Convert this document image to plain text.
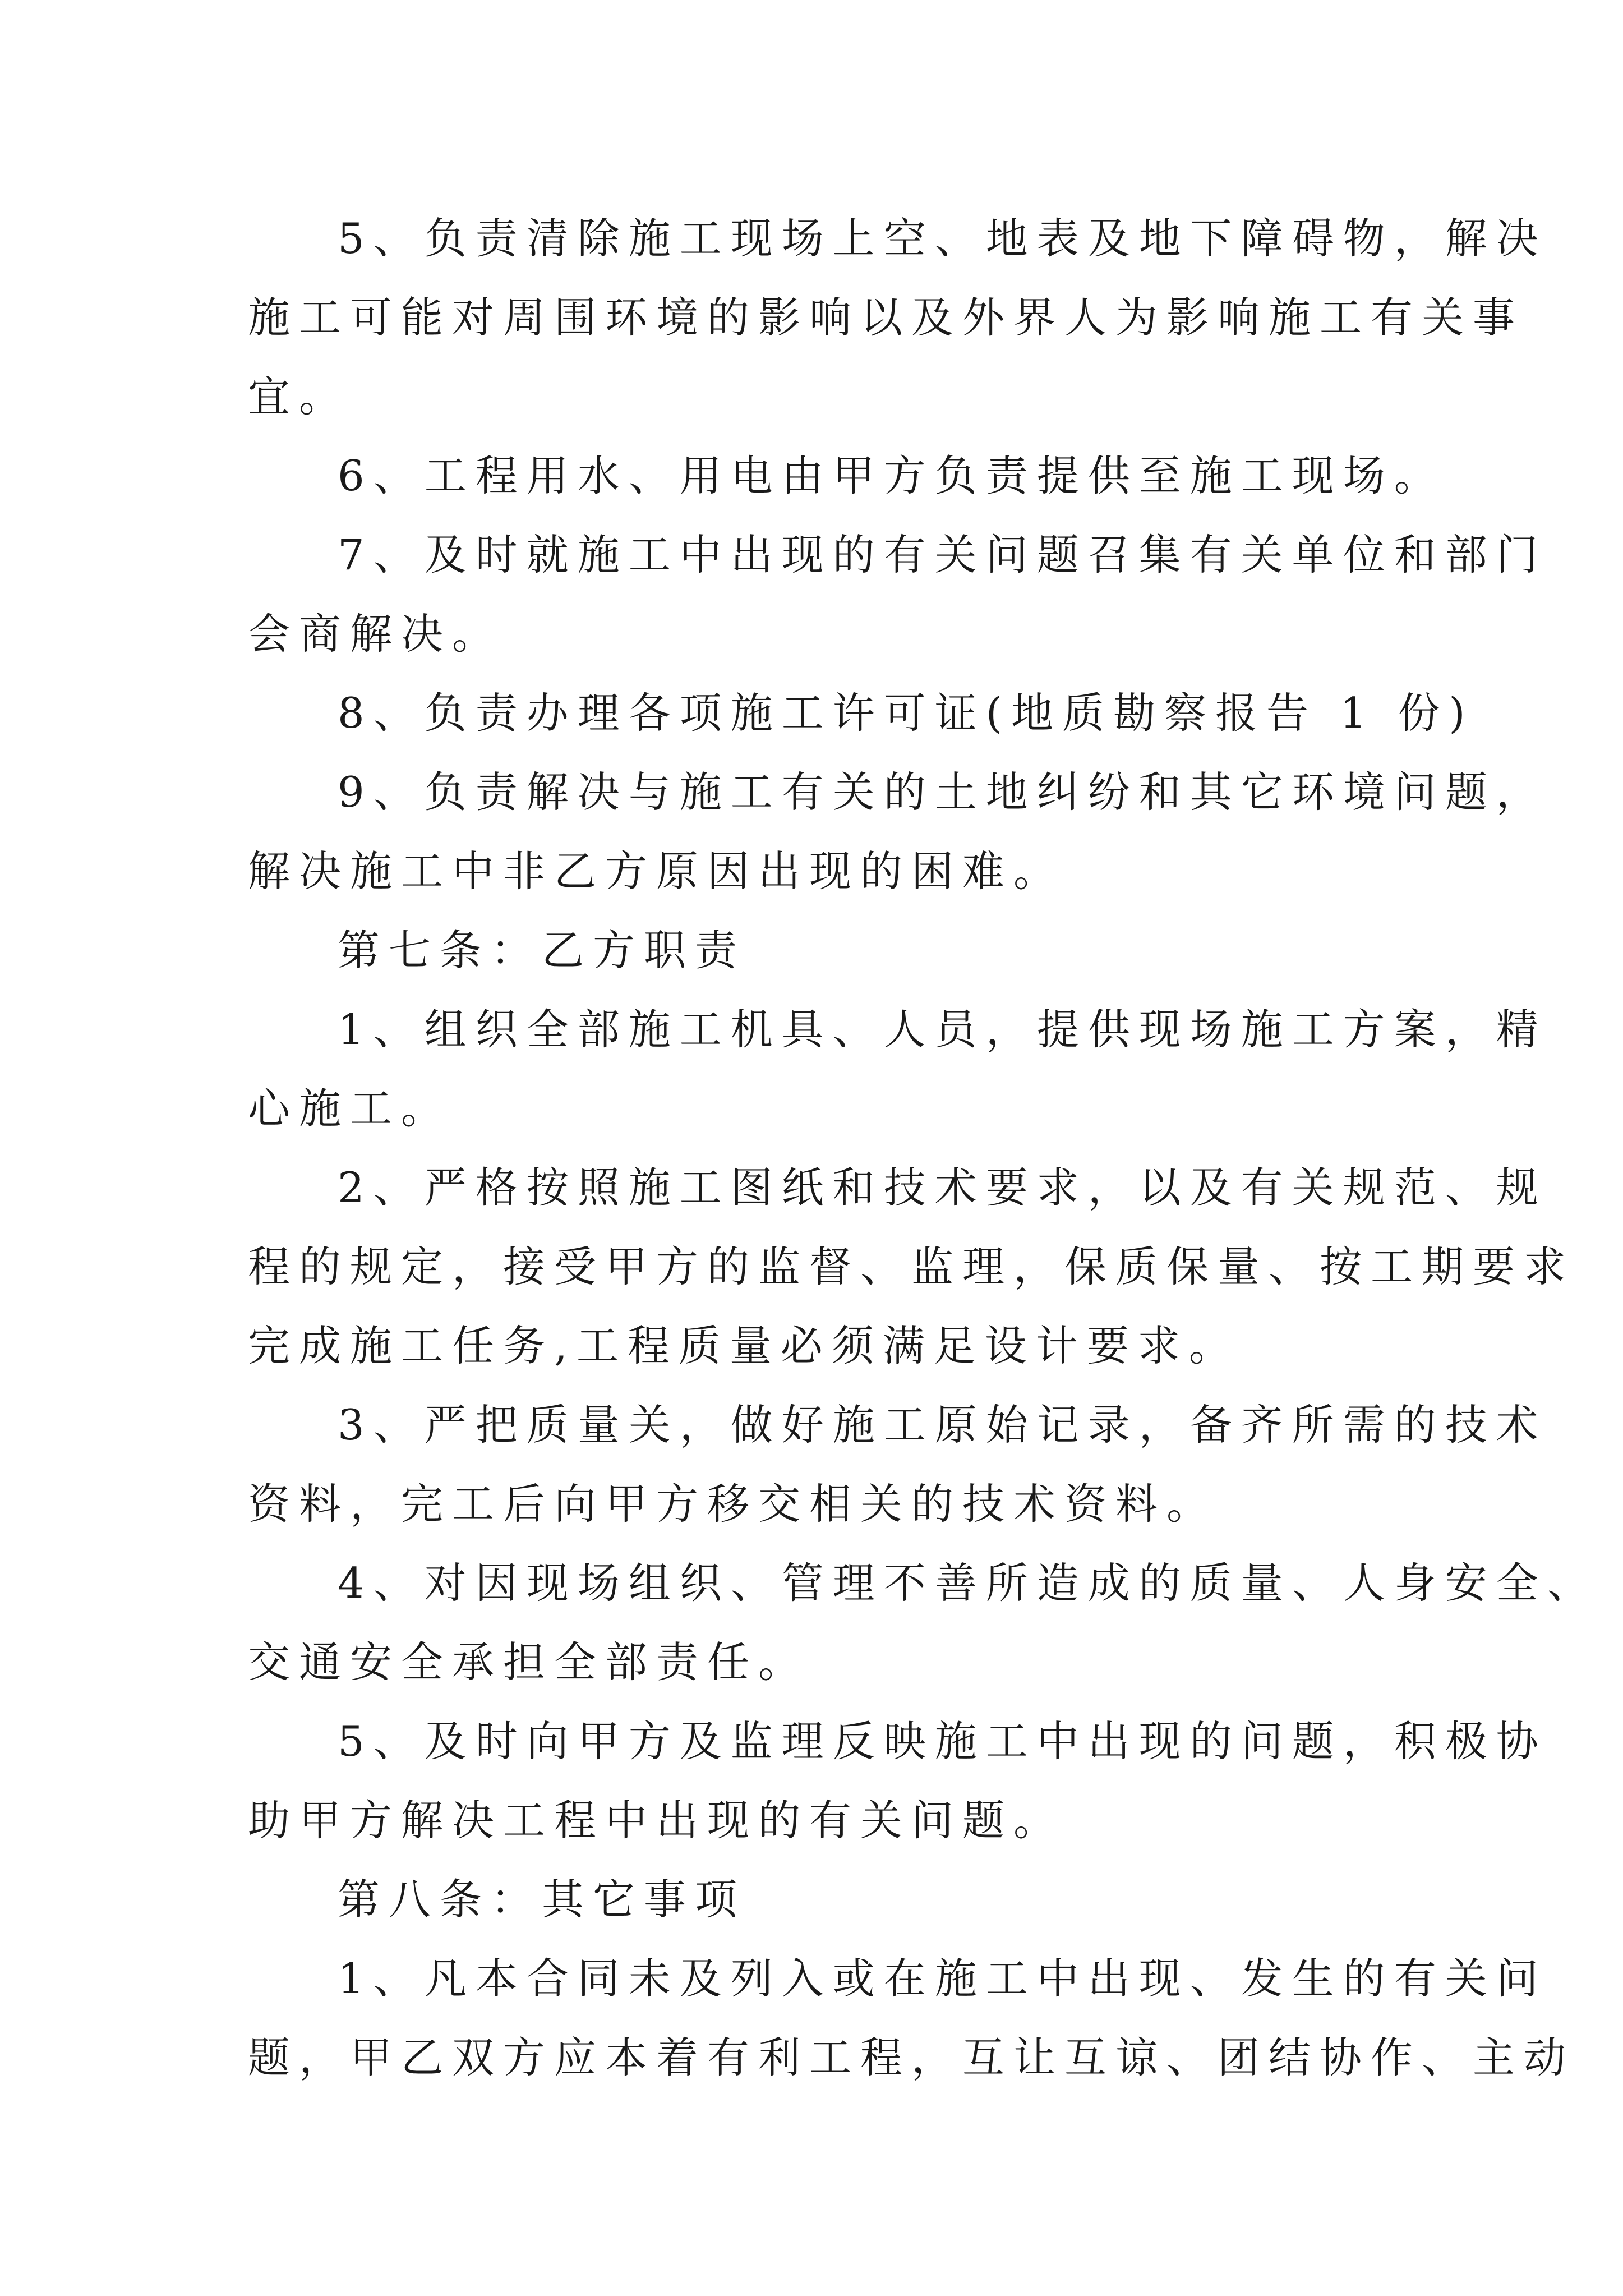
5、负责清除施工现场上空、地表及地下障碍物，解决
施工可能对周围环境的影响以及外界人为影响施工有关事
宜。
6、工程用水、用电由甲方负责提供至施工现场。
7、及时就施工中出现的有关问题召集有关单位和部门
会商解决。
8、负责办理各项施工许可证(地质勘察报告 1 份)
9、负责解决与施工有关的土地纠纷和其它环境问题，
解决施工中非乙方原因出现的困难。
第七条：乙方职责
1、组织全部施工机具、人员，提供现场施工方案，精
心施工。
2、严格按照施工图纸和技术要求，以及有关规范、规
程的规定，接受甲方的监督、监理，保质保量、按工期要求
完成施工任务,工程质量必须满足设计要求。
3、严把质量关，做好施工原始记录，备齐所需的技术
资料，完工后向甲方移交相关的技术资料。
4、对因现场组织、管理不善所造成的质量、人身安全、
交通安全承担全部责任。
5、及时向甲方及监理反映施工中出现的问题，积极协
助甲方解决工程中出现的有关问题。
第八条：其它事项
1、凡本合同未及列入或在施工中出现、发生的有关问
题，甲乙双方应本着有利工程，互让互谅、团结协作、主动
